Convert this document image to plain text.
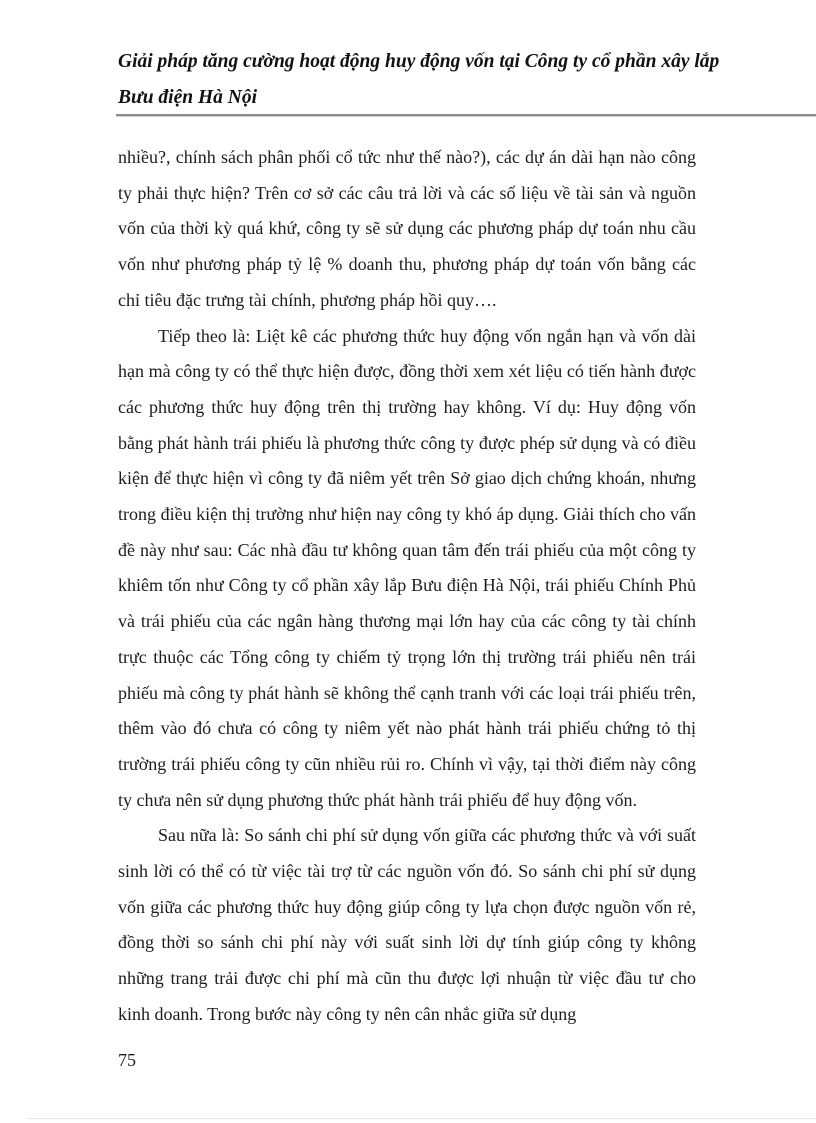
Giải pháp tăng cường hoạt động huy động vốn tại Công ty cổ phần xây lắp

Bưu điện Hà Nội

nhiều?, chính sách phân phối cổ tức như thế nào?), các dự án dài hạn nào công ty phải thực hiện? Trên cơ sở các câu trả lời và các số liệu về tài sản và nguồn vốn của thời kỳ quá khứ, công ty sẽ sử dụng các phương pháp dự toán nhu cầu vốn như phương pháp tỷ lệ % doanh thu, phương pháp dự toán vốn bằng các chỉ tiêu đặc trưng tài chính, phương pháp hồi quy….

Tiếp theo là: Liệt kê các phương thức huy động vốn ngắn hạn và vốn dài hạn mà công ty có thể thực hiện được, đồng thời xem xét liệu có tiến hành được các phương thức huy động trên thị trường hay không. Ví dụ: Huy động vốn bằng phát hành trái phiếu là phương thức công ty được phép sử dụng và có điều kiện để thực hiện vì công ty đã niêm yết trên Sở giao dịch chứng khoán, nhưng trong điều kiện thị trường như hiện nay công ty khó áp dụng. Giải thích cho vấn đề này như sau: Các nhà đầu tư không quan tâm đến trái phiếu của một công ty khiêm tốn như Công ty cổ phần xây lắp Bưu điện Hà Nội, trái phiếu Chính Phủ và trái phiếu của các ngân hàng thương mại lớn hay của các công ty tài chính trực thuộc các Tổng công ty chiếm tỷ trọng lớn thị trường trái phiếu nên trái phiếu mà công ty phát hành sẽ không thể cạnh tranh với các loại trái phiếu trên, thêm vào đó chưa có công ty niêm yết nào phát hành trái phiếu chứng tỏ thị trường trái phiếu công ty cũn nhiều rủi ro. Chính vì vậy, tại thời điểm này công ty chưa nên sử dụng phương thức phát hành trái phiếu để huy động vốn.

Sau nữa là: So sánh chi phí sử dụng vốn giữa các phương thức và với suất sinh lời có thể có từ việc tài trợ từ các nguồn vốn đó. So sánh chi phí sử dụng vốn giữa các phương thức huy động giúp công ty lựa chọn được nguồn vốn rẻ, đồng thời so sánh chi phí này với suất sinh lời dự tính giúp công ty không những trang trải được chi phí mà cũn thu được lợi nhuận từ việc đầu tư cho kinh doanh. Trong bước này công ty nên cân nhắc giữa sử dụng

75
